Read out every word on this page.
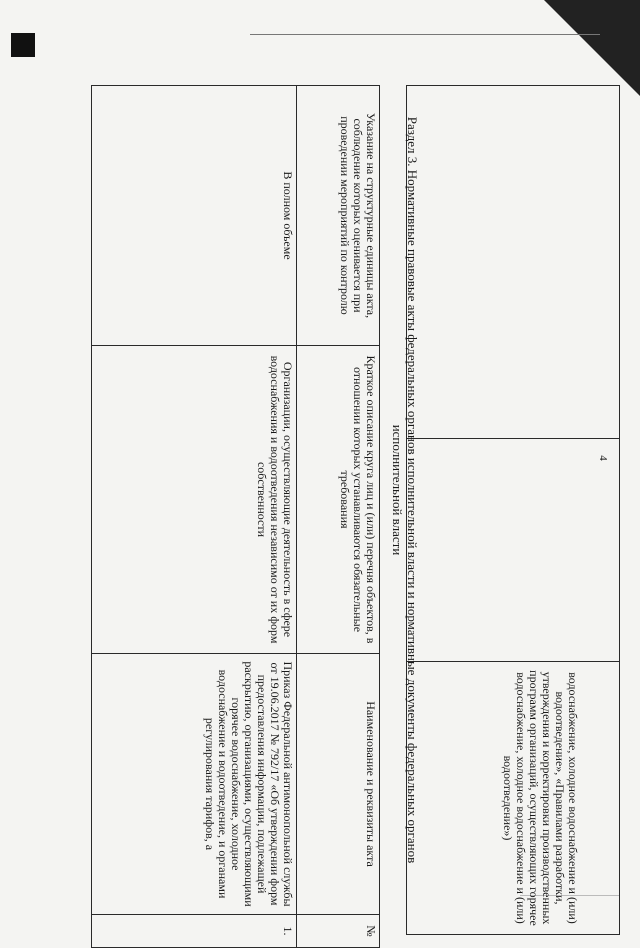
4
		водоснабжение, холодное водоснабжение и (или) водоотведение», «Правилами разработки, утверждения и корректировки производственных программ организаций, осуществляющих горячее водоснабжение, холодное водоснабжение и (или) водоотведение»)
Раздел 3. Нормативные правовые акты федеральных органов исполнительной власти и нормативные документы федеральных органов исполнительной власти
Указание на структурные единицы акта, соблюдение которых оценивается при проведении мероприятий по контролю	Краткое описание круга лиц и (или) перечня объектов, в отношении которых устанавливаются обязательные требования	Наименование и реквизиты акта	№
В полном объеме	Организации, осуществляющие деятельность в сфере водоснабжения и водоотведения независимо от их форм собственности	Приказ Федеральной антимонопольной службы от 19.06.2017 № 792/17 «Об утверждении форм предоставления информации, подлежащей раскрытию, организациями, осуществляющими горячее водоснабжение, холодное водоснабжение и водоотведение, и органами регулирования тарифов, а	1.
